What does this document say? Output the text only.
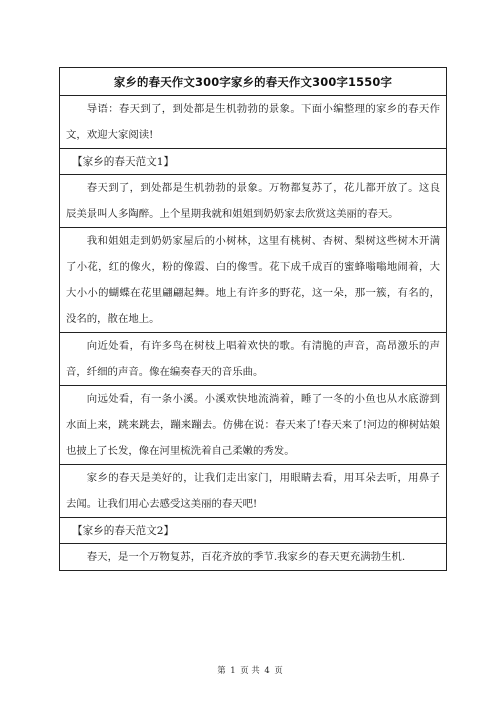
家乡的春天作文300字家乡的春天作文300字1550字
导语：春天到了，到处都是生机勃勃的景象。下面小编整理的家乡的春天作文，欢迎大家阅读!
【家乡的春天范文1】
春天到了，到处都是生机勃勃的景象。万物都复苏了，花儿都开放了。这良辰美景叫人多陶醉。上个星期我就和姐姐到奶奶家去欣赏这美丽的春天。
我和姐姐走到奶奶家屋后的小树林，这里有桃树、杏树、梨树这些树木开满了小花，红的像火，粉的像霞、白的像雪。花下成千成百的蜜蜂嗡嗡地闹着，大大小小的蝴蝶在花里翩翩起舞。地上有许多的野花，这一朵，那一簇，有名的，没名的，散在地上。
向近处看，有许多鸟在树枝上唱着欢快的歌。有清脆的声音，高昂激乐的声音，纤细的声音。像在编奏春天的音乐曲。
向远处看，有一条小溪。小溪欢快地流淌着，睡了一冬的小鱼也从水底游到水面上来，跳来跳去，蹦来蹦去。仿佛在说：春天来了!春天来了!河边的柳树姑娘也披上了长发，像在河里梳洗着自己柔嫩的秀发。
家乡的春天是美好的，让我们走出家门，用眼睛去看，用耳朵去听，用鼻子去闻。让我们用心去感受这美丽的春天吧!
【家乡的春天范文2】
春天，是一个万物复苏，百花齐放的季节.我家乡的春天更充满勃生机.
第 1 页 共 4 页
